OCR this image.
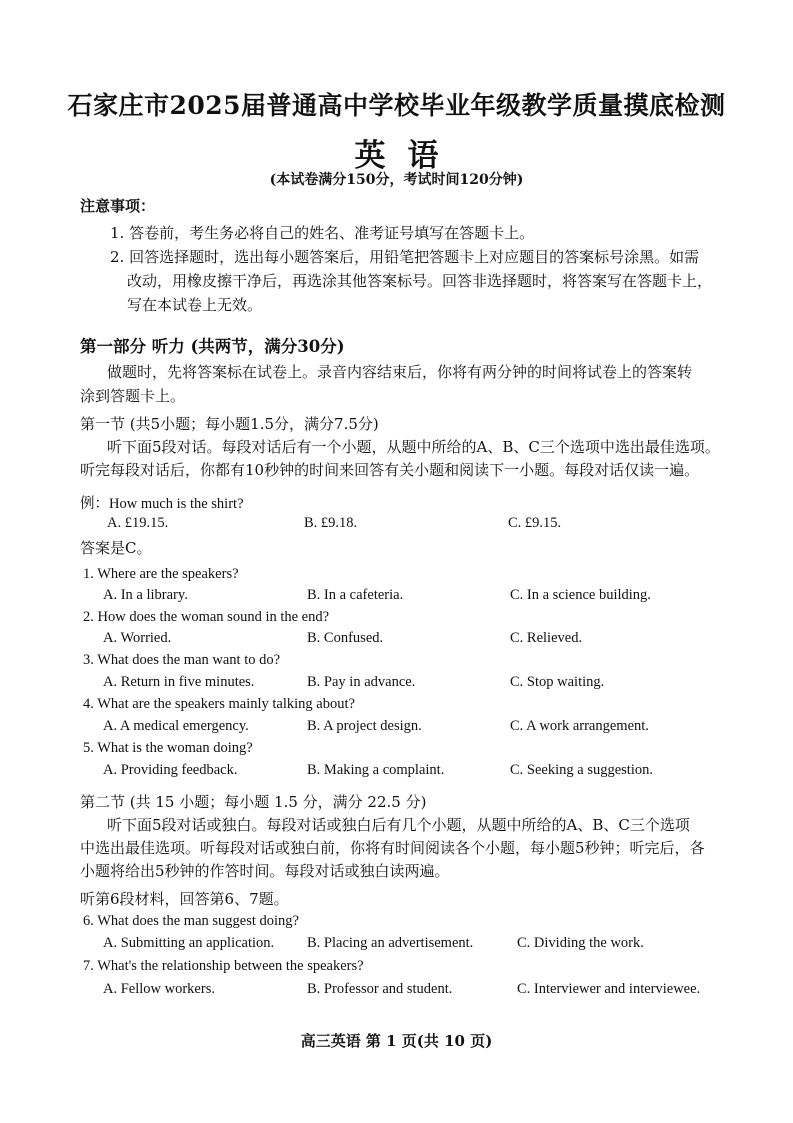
石家庄市2025届普通高中学校毕业年级教学质量摸底检测
英语
(本试卷满分150分，考试时间120分钟)
注意事项：
1. 答卷前，考生务必将自己的姓名、准考证号填写在答题卡上。
2. 回答选择题时，选出每小题答案后，用铅笔把答题卡上对应题目的答案标号涂黑。如需
改动，用橡皮擦干净后，再选涂其他答案标号。回答非选择题时，将答案写在答题卡上，
写在本试卷上无效。
第一部分 听力 (共两节，满分30分)
做题时，先将答案标在试卷上。录音内容结束后，你将有两分钟的时间将试卷上的答案转
涂到答题卡上。
第一节 (共5小题；每小题1.5分，满分7.5分)
听下面5段对话。每段对话后有一个小题，从题中所给的A、B、C三个选项中选出最佳选项。
听完每段对话后，你都有10秒钟的时间来回答有关小题和阅读下一小题。每段对话仅读一遍。
例：How much is the shirt?
A. £19.15.	B. £9.18.	C. £9.15.
答案是C。
1. Where are the speakers?
A. In a library.	B. In a cafeteria.	C. In a science building.
2. How does the woman sound in the end?
A. Worried.	B. Confused.	C. Relieved.
3. What does the man want to do?
A. Return in five minutes.	B. Pay in advance.	C. Stop waiting.
4. What are the speakers mainly talking about?
A. A medical emergency.	B. A project design.	C. A work arrangement.
5. What is the woman doing?
A. Providing feedback.	B. Making a complaint.	C. Seeking a suggestion.
第二节 (共 15 小题；每小题 1.5 分，满分 22.5 分)
听下面5段对话或独白。每段对话或独白后有几个小题，从题中所给的A、B、C三个选项
中选出最佳选项。听每段对话或独白前，你将有时间阅读各个小题，每小题5秒钟；听完后，各
小题将给出5秒钟的作答时间。每段对话或独白读两遍。
听第6段材料，回答第6、7题。
6. What does the man suggest doing?
A. Submitting an application. B. Placing an advertisement.	C. Dividing the work.
7. What's the relationship between the speakers?
A. Fellow workers.	B. Professor and student.	C. Interviewer and interviewee.
高三英语 第 1 页(共 10 页)
